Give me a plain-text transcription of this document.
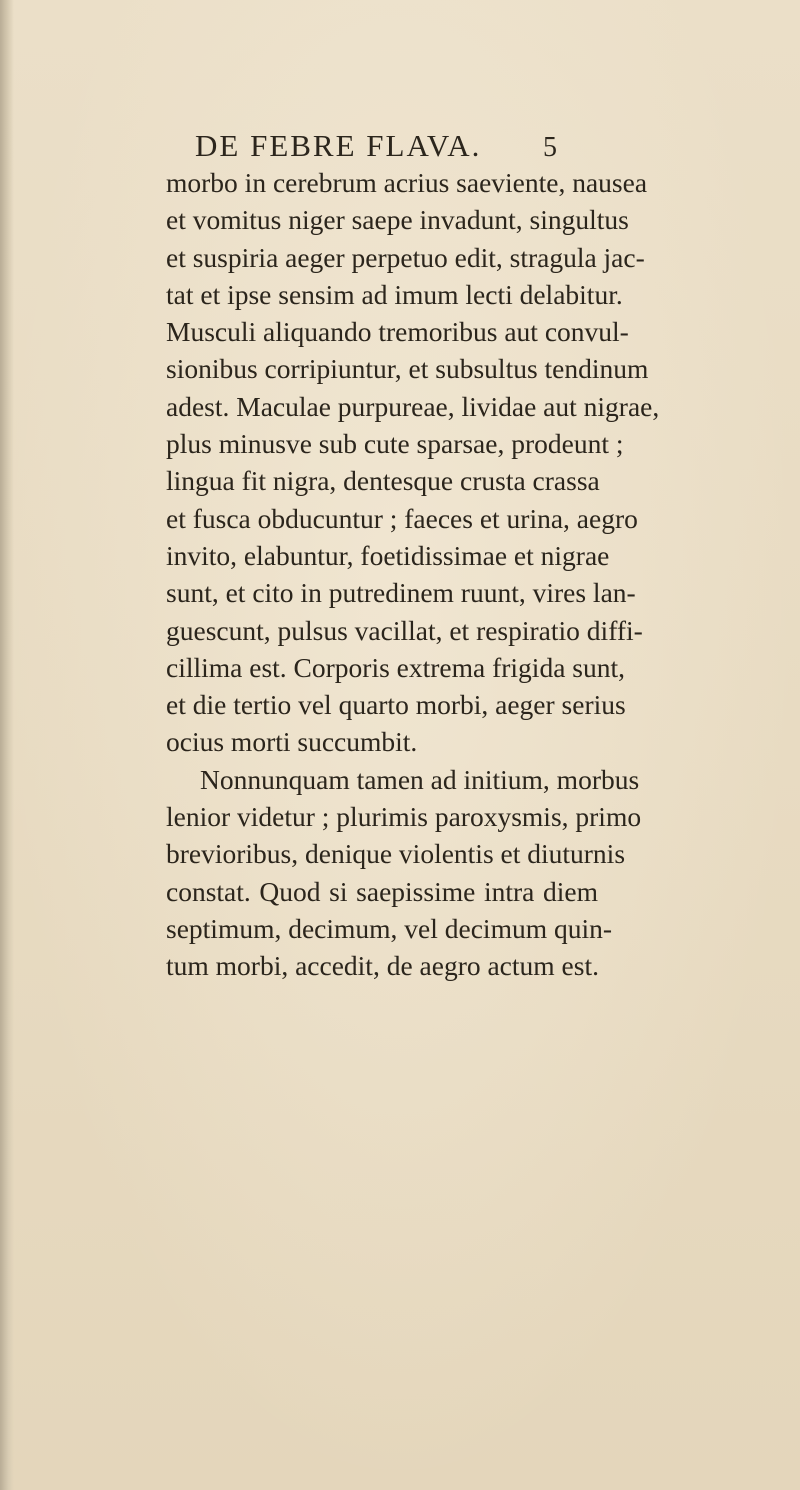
DE FEBRE FLAVA.	5
morbo in cerebrum acrius saeviente, nausea
et vomitus niger saepe invadunt, singultus
et suspiria aeger perpetuo edit, stragula jac-
tat et ipse sensim ad imum lecti delabitur.
Musculi aliquando tremoribus aut convul-
sionibus corripiuntur, et subsultus tendinum
adest. Maculae purpureae, lividae aut nigrae,
plus minusve sub cute sparsae, prodeunt ;
lingua fit nigra, dentesque crusta crassa
et fusca obducuntur ; faeces et urina, aegro
invito, elabuntur, foetidissimae et nigrae
sunt, et cito in putredinem ruunt, vires lan-
guescunt, pulsus vacillat, et respiratio diffi-
cillima est. Corporis extrema frigida sunt,
et die tertio vel quarto morbi, aeger serius
ocius morti succumbit.
Nonnunquam tamen ad initium, morbus
lenior videtur ; plurimis paroxysmis, primo
brevioribus, denique violentis et diuturnis
constat. Quod si saepissime intra diem
septimum, decimum, vel decimum quin-
tum morbi, accedit, de aegro actum est.
